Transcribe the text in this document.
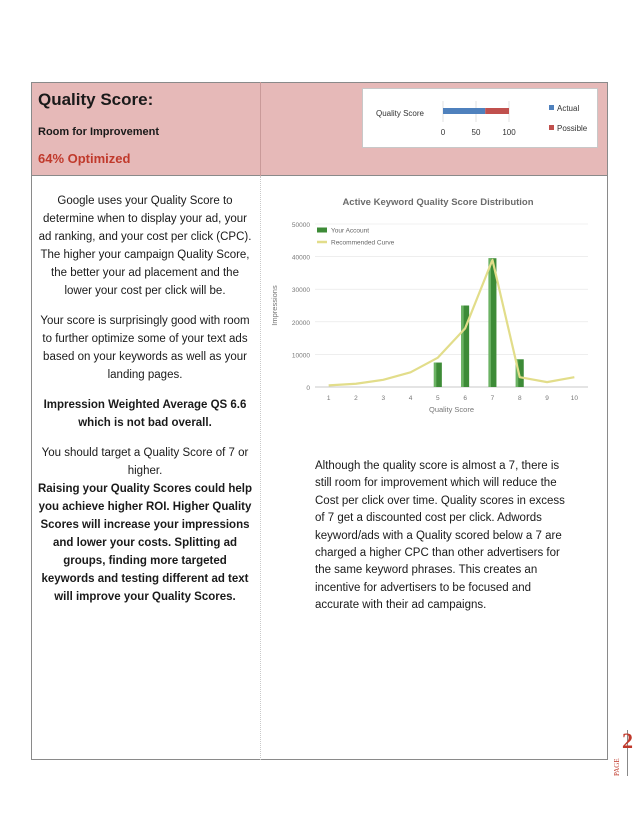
Quality Score:
Room for Improvement
64% Optimized
Quality Score
0	50	100
Actual
Possible

Google uses your Quality Score to determine when to display your ad, your ad ranking, and your cost per click (CPC). The higher your campaign Quality Score, the better your ad placement and the lower your cost per click will be.

Your score is surprisingly good with room to further optimize some of your text ads based on your keywords as well as your landing pages.

Impression Weighted Average QS 6.6 which is not bad overall.

You should target a Quality Score of 7 or higher.
Raising your Quality Scores could help you achieve higher ROI. Higher Quality Scores will increase your impressions and lower your costs. Splitting ad groups, finding more targeted keywords and testing different ad text will improve your Quality Scores.

Active Keyword Quality Score Distribution
0
10000
20000
30000
40000
50000
Impressions
Quality Score
1	2	3	4	5	6	7	8	9	10
Your Account
Recommended Curve
Although the quality score is almost a 7, there is still room for improvement which will reduce the Cost per click over time. Quality scores in excess of 7 get a discounted cost per click. Adwords keyword/ads with a Quality scored below a 7 are charged a higher CPC than other advertisers for the same keyword phrases. This creates an incentive for advertisers to be focused and accurate with their ad campaigns.
PAGE
2
